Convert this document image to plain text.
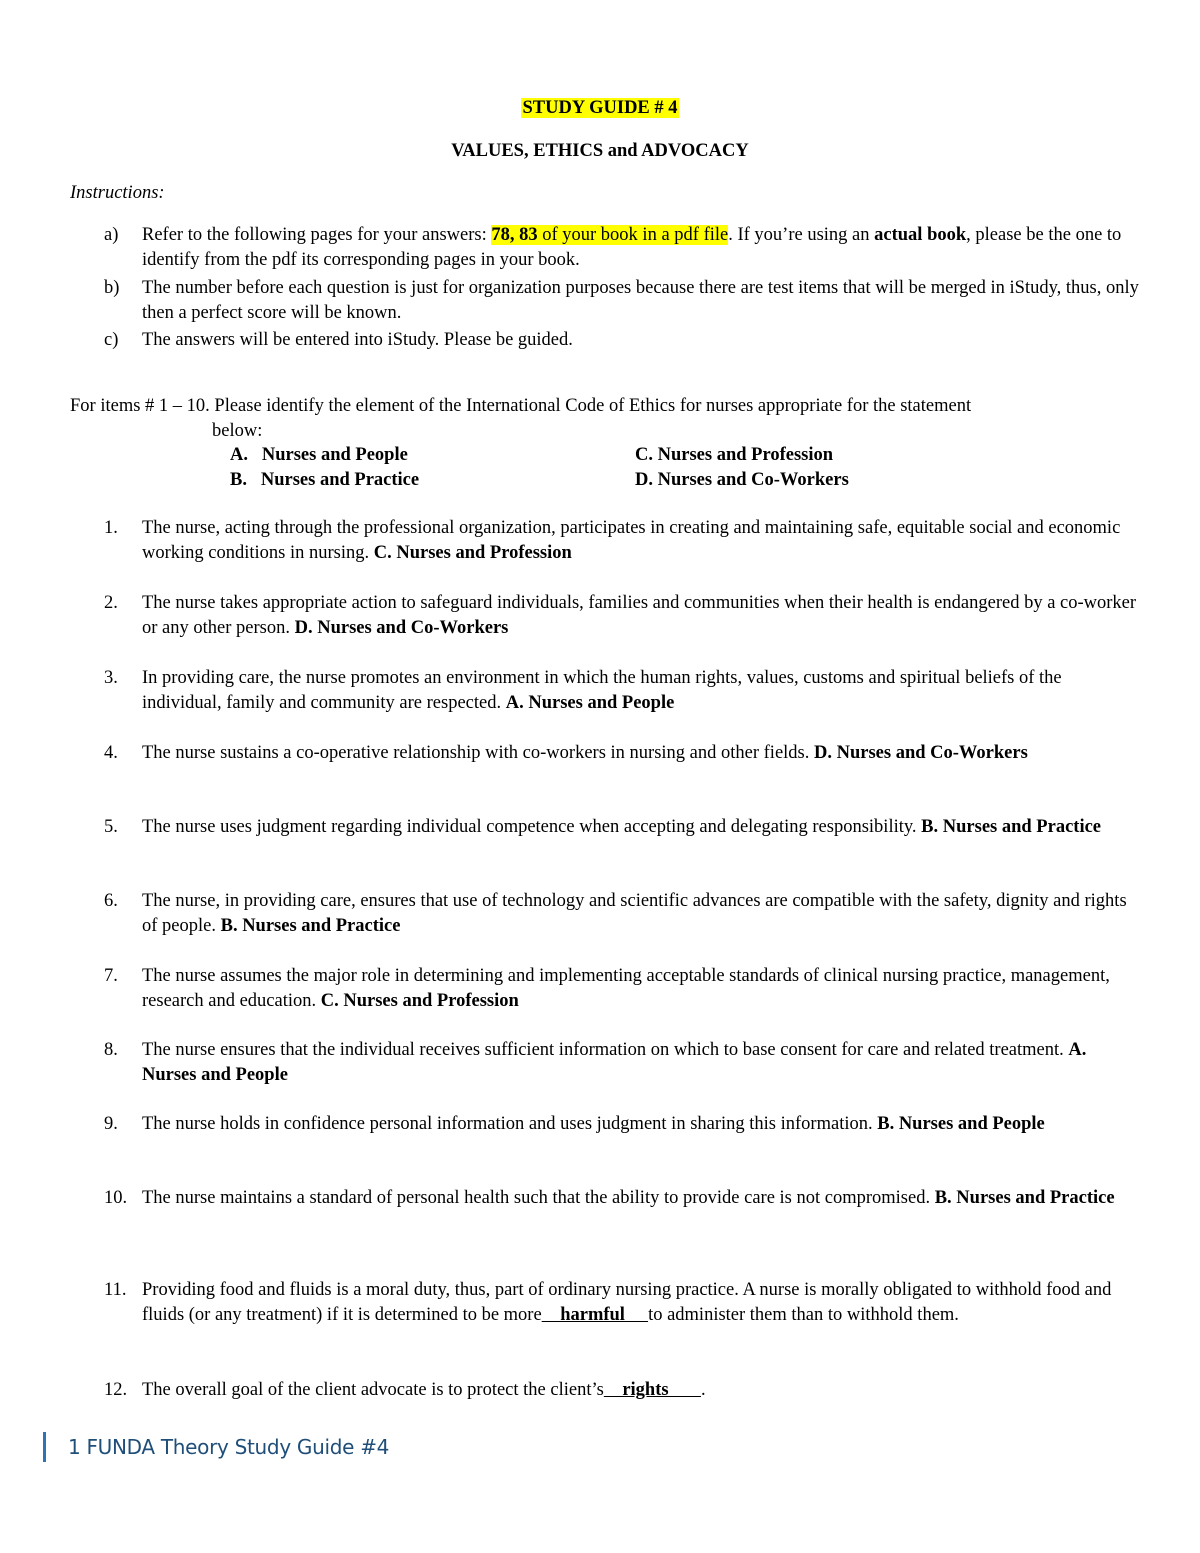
STUDY GUIDE # 4
VALUES, ETHICS and ADVOCACY
Instructions:
a) Refer to the following pages for your answers: 78, 83 of your book in a pdf file. If you’re using an actual book, please be the one to identify from the pdf its corresponding pages in your book.
b) The number before each question is just for organization purposes because there are test items that will be merged in iStudy, thus, only then a perfect score will be known.
c) The answers will be entered into iStudy. Please be guided.
For items # 1 – 10. Please identify the element of the International Code of Ethics for nurses appropriate for the statement
below:
A. Nurses and People
B. Nurses and Practice
C. Nurses and Profession
D. Nurses and Co-Workers
1.	The nurse, acting through the professional organization, participates in creating and maintaining safe, equitable social and economic working conditions in nursing. C. Nurses and Profession
2.	The nurse takes appropriate action to safeguard individuals, families and communities when their health is endangered by a co-worker or any other person. D. Nurses and Co-Workers
3.	In providing care, the nurse promotes an environment in which the human rights, values, customs and spiritual beliefs of the individual, family and community are respected. A. Nurses and People
4.	The nurse sustains a co-operative relationship with co-workers in nursing and other fields. D. Nurses and Co-Workers
5.	The nurse uses judgment regarding individual competence when accepting and delegating responsibility. B. Nurses and Practice
6.	The nurse, in providing care, ensures that use of technology and scientific advances are compatible with the safety, dignity and rights of people. B. Nurses and Practice
7.	The nurse assumes the major role in determining and implementing acceptable standards of clinical nursing practice, management, research and education. C. Nurses and Profession
8.	The nurse ensures that the individual receives sufficient information on which to base consent for care and related treatment. A. Nurses and People
9.	The nurse holds in confidence personal information and uses judgment in sharing this information. B. Nurses and People
10. The nurse maintains a standard of personal health such that the ability to provide care is not compromised. B. Nurses and Practice
11. Providing food and fluids is a moral duty, thus, part of ordinary nursing practice. A nurse is morally obligated to withhold food and fluids (or any treatment) if it is determined to be more    harmful     to administer them than to withhold them.
12. The overall goal of the client advocate is to protect the client’s    rights       .
1 FUNDA Theory Study Guide #4
